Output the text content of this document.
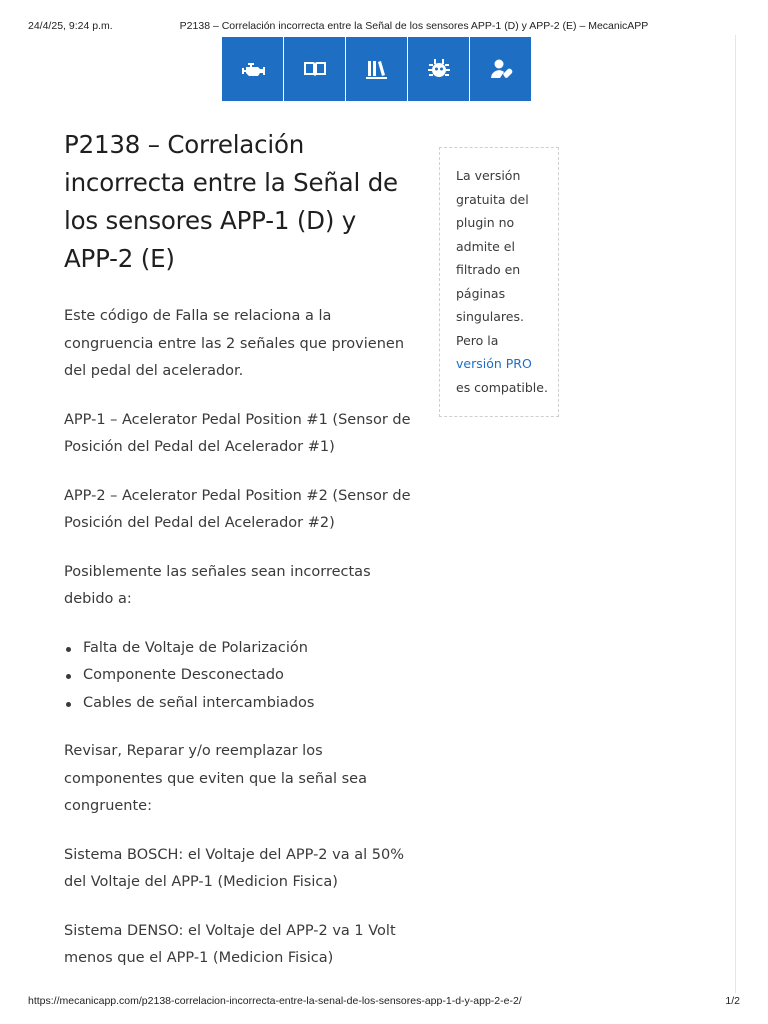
24/4/25, 9:24 p.m.	P2138 – Correlación incorrecta entre la Señal de los sensores APP-1 (D) y APP-2 (E) – MecanicAPP
P2138 – Correlación incorrecta entre la Señal de los sensores APP-1 (D) y APP-2 (E)

Este código de Falla se relaciona a la congruencia entre las 2 señales que provienen del pedal del acelerador.

APP-1 – Acelerator Pedal Position #1 (Sensor de Posición del Pedal del Acelerador #1)

APP-2 – Acelerator Pedal Position #2 (Sensor de Posición del Pedal del Acelerador #2)

Posiblemente las señales sean incorrectas debido a:

Falta de Voltaje de Polarización
Componente Desconectado
Cables de señal intercambiados

Revisar, Reparar y/o reemplazar los componentes que eviten que la señal sea congruente:

Sistema BOSCH: el Voltaje del APP-2 va al 50% del Voltaje del APP-1 (Medicion Fisica)

Sistema DENSO: el Voltaje del APP-2 va 1 Volt menos que el APP-1 (Medicion Fisica)

La versión gratuita del plugin no admite el filtrado en páginas singulares. Pero la versión PRO es compatible.

https://mecanicapp.com/p2138-correlacion-incorrecta-entre-la-senal-de-los-sensores-app-1-d-y-app-2-e-2/	1/2
